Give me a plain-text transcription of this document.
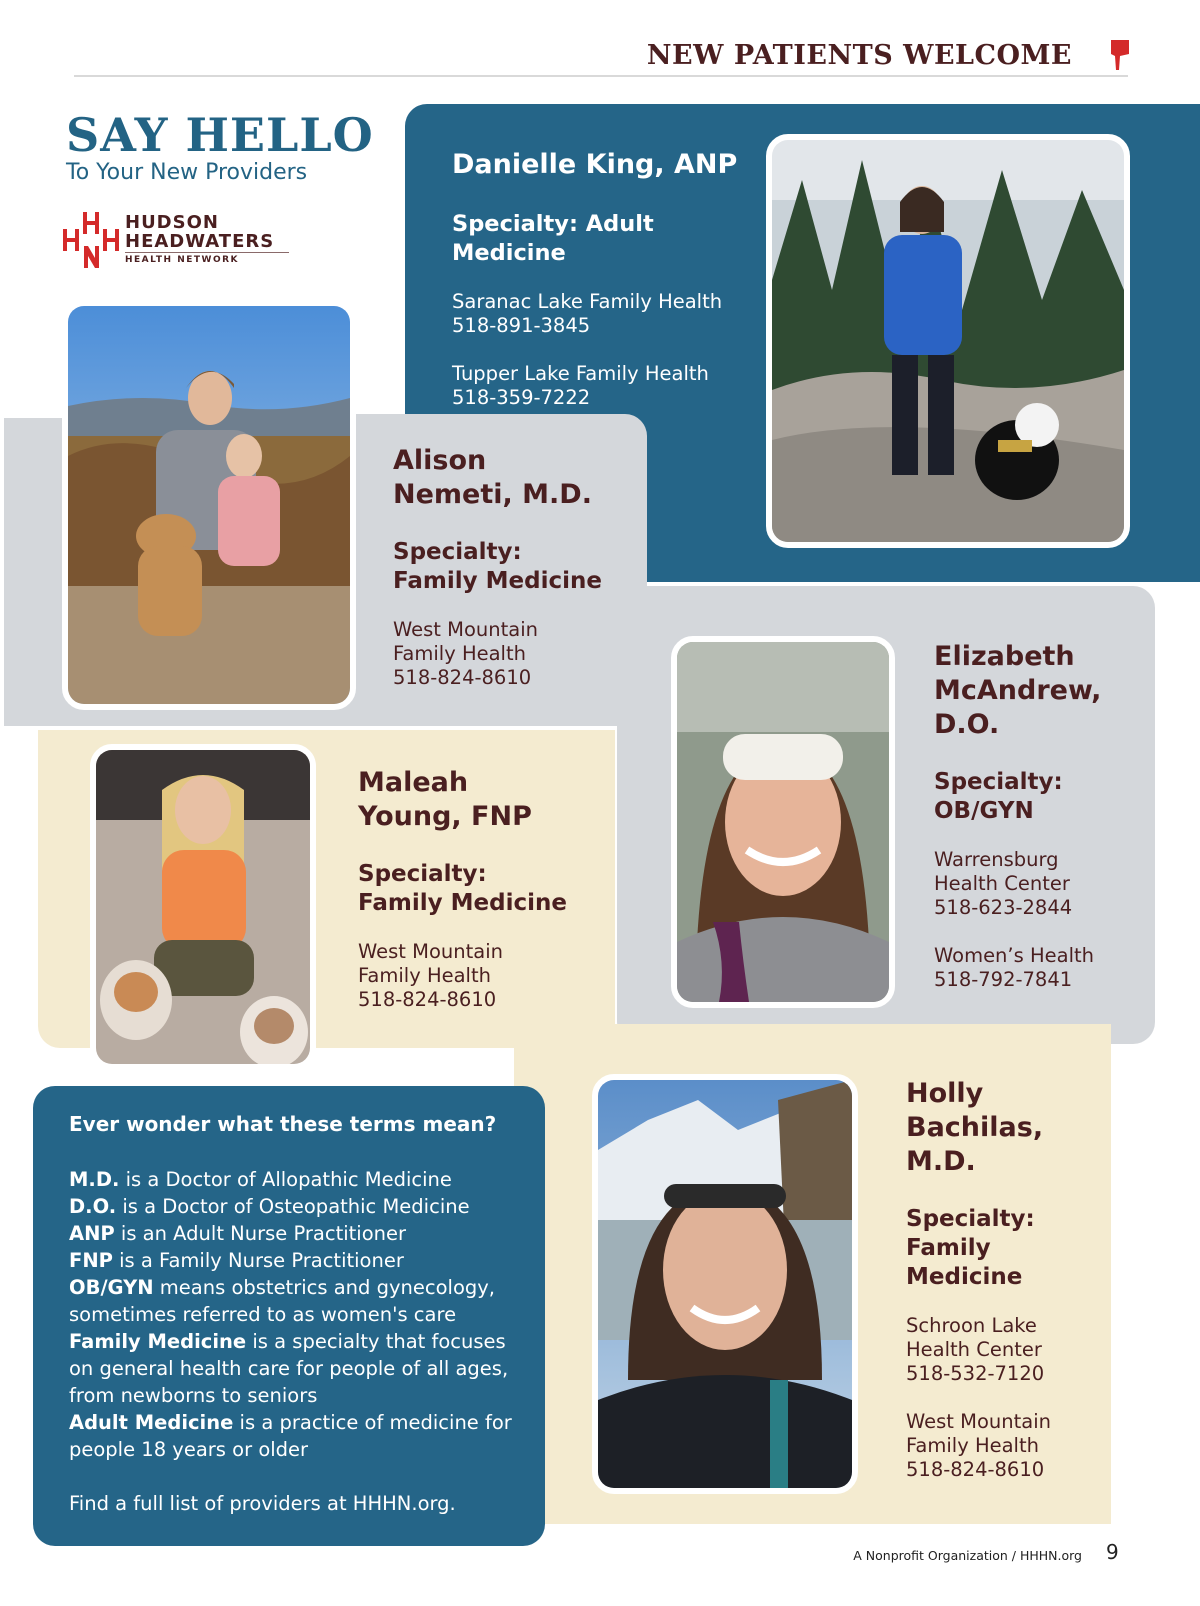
NEW PATIENTS WELCOME
SAY HELLO
To Your New Providers
HUDSON
HEADWATERS
HEALTH NETWORK
Danielle King, ANP
Specialty: Adult Medicine
Saranac Lake Family Health
518-891-3845
Tupper Lake Family Health
518-359-7222
Alison
Nemeti, M.D.
Specialty:
Family Medicine
West Mountain
Family Health
518-824-8610
Elizabeth
McAndrew,
D.O.
Specialty:
OB/GYN
Warrensburg
Health Center
518-623-2844
Women’s Health
518-792-7841
Maleah
Young, FNP
Specialty:
Family Medicine
West Mountain
Family Health
518-824-8610
Holly
Bachilas,
M.D.
Specialty:
Family
Medicine
Schroon Lake
Health Center
518-532-7120
West Mountain
Family Health
518-824-8610
Ever wonder what these terms mean?
M.D. is a Doctor of Allopathic Medicine
D.O. is a Doctor of Osteopathic Medicine
ANP is an Adult Nurse Practitioner
FNP is a Family Nurse Practitioner
OB/GYN means obstetrics and gynecology, sometimes referred to as women's care
Family Medicine is a specialty that focuses on general health care for people of all ages, from newborns to seniors
Adult Medicine is a practice of medicine for people 18 years or older
Find a full list of providers at HHHN.org.
A Nonprofit Organization / HHHN.org 9
